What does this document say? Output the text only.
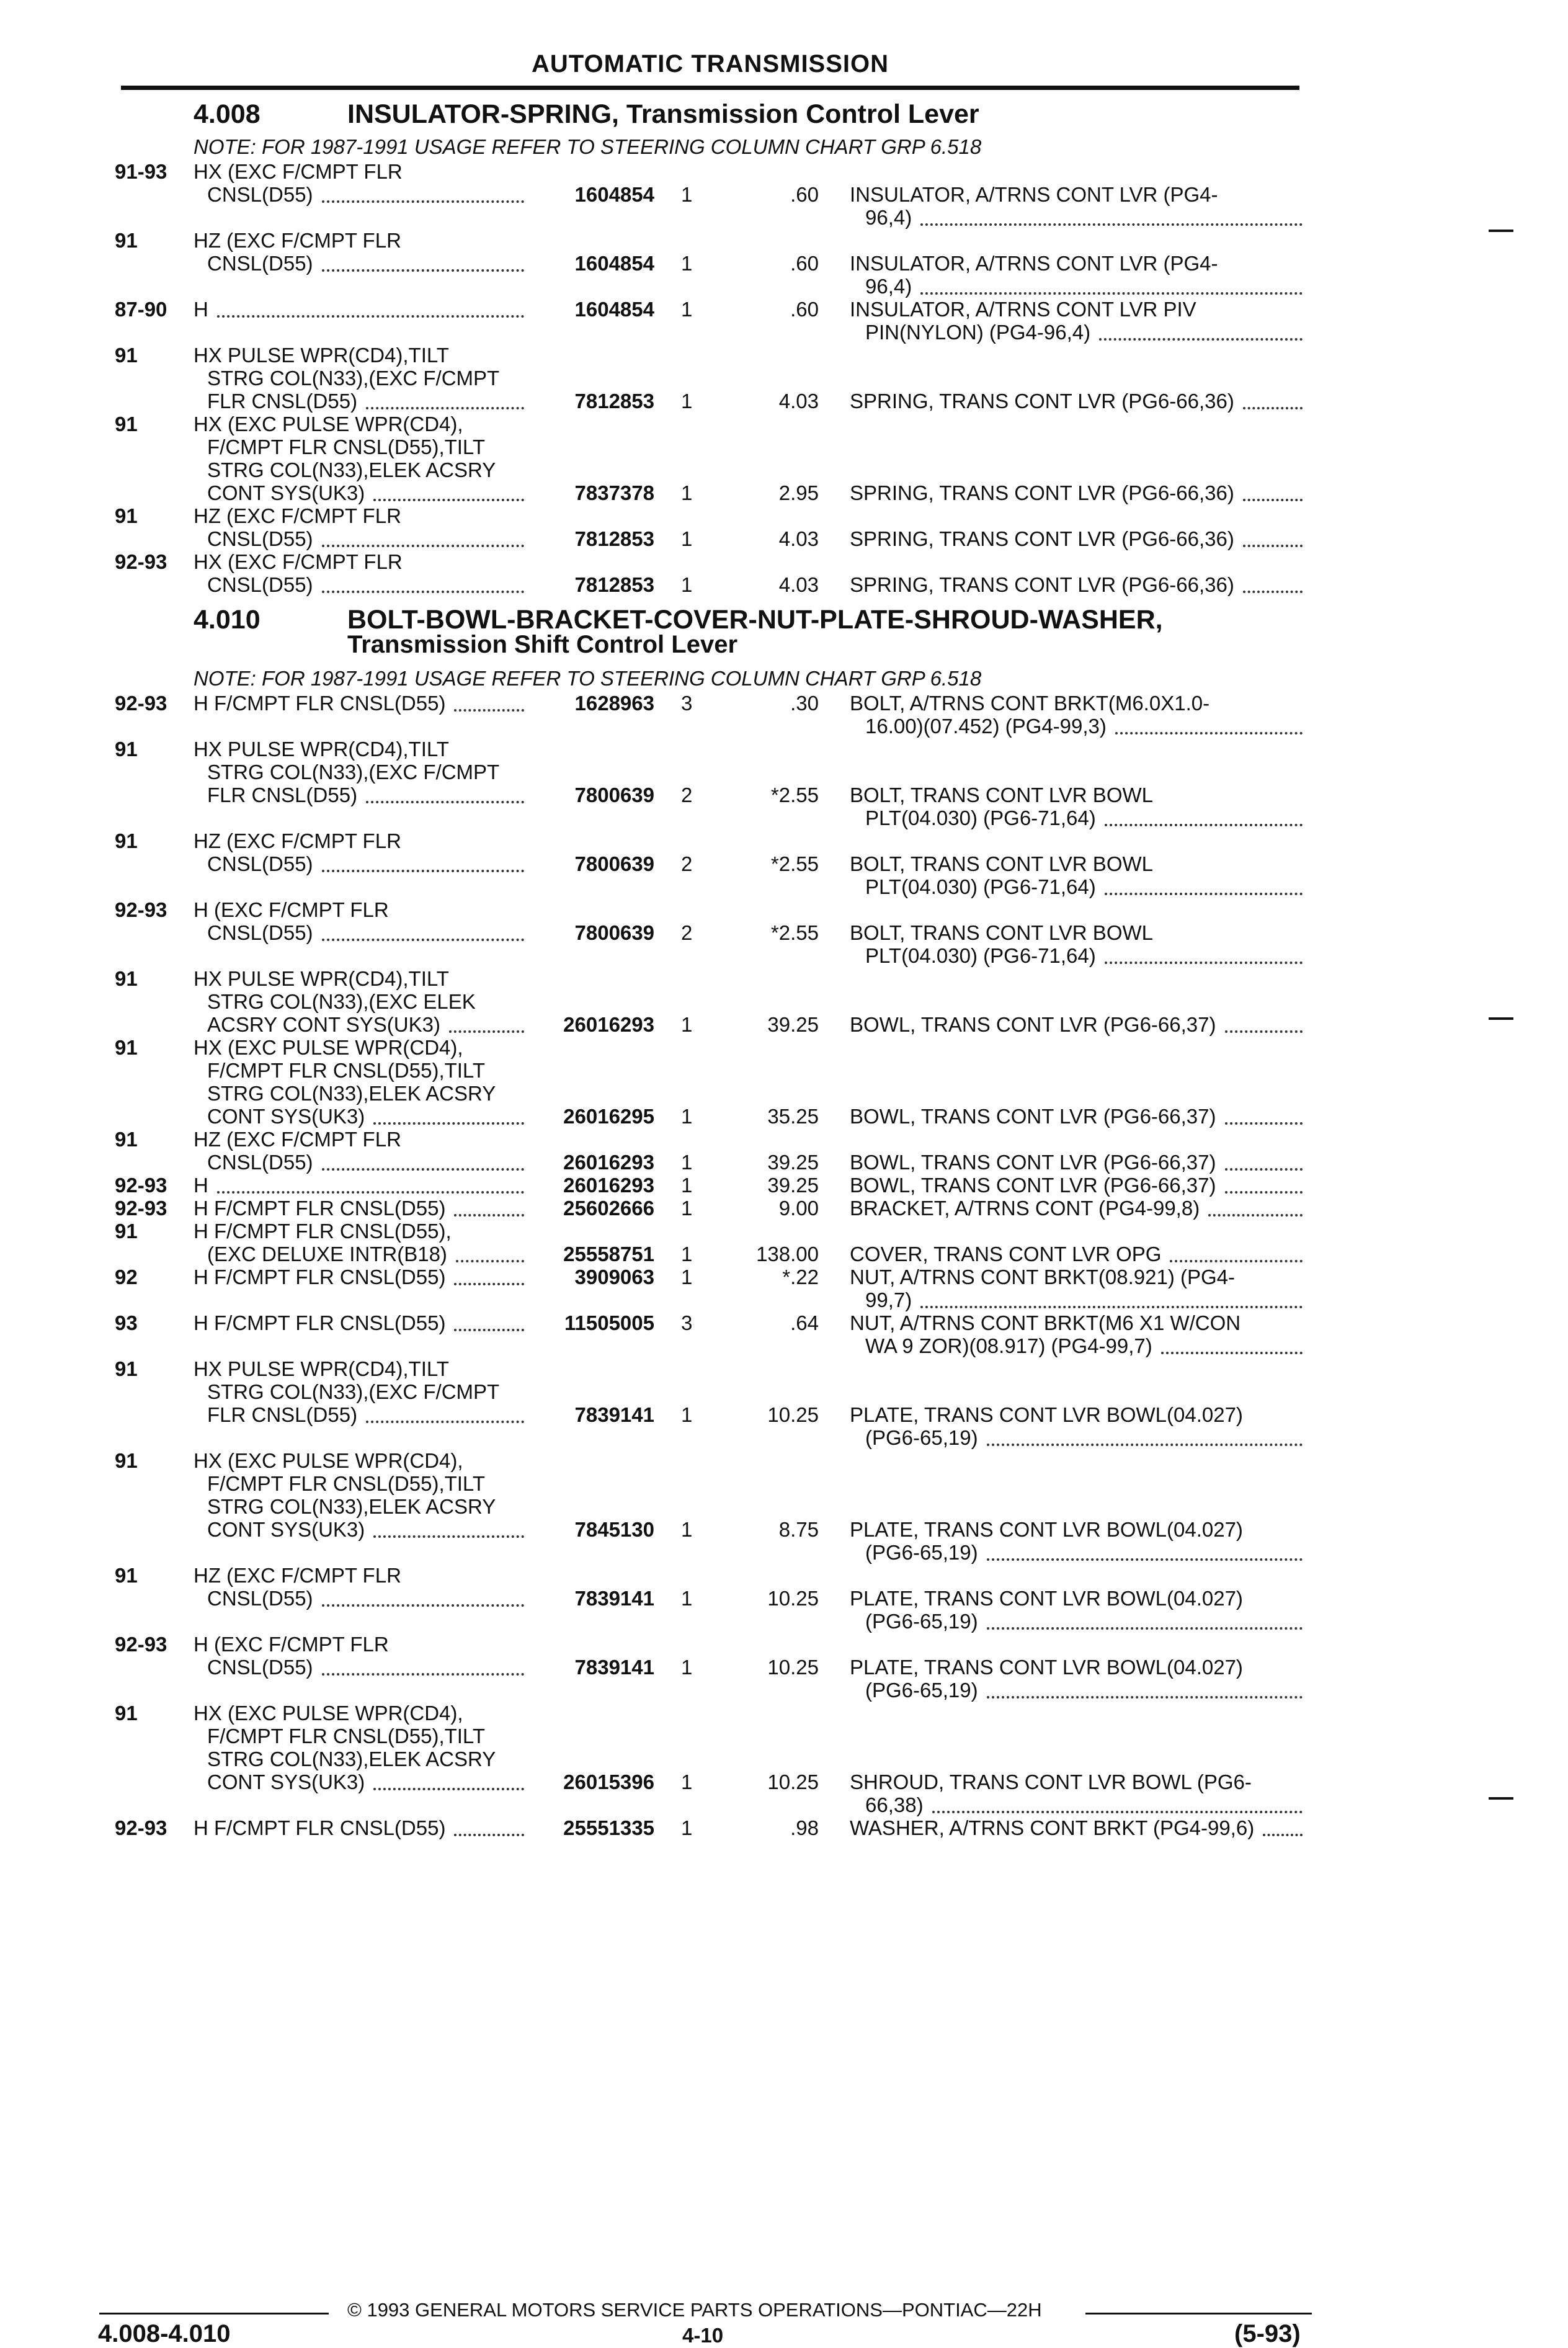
AUTOMATIC TRANSMISSION
4.008	INSULATOR-SPRING, Transmission Control Lever
NOTE: FOR 1987-1991 USAGE REFER TO STEERING COLUMN CHART GRP 6.518
91-93 HX (EXC F/CMPT FLR
CNSL(D55)	1604854 1	.60 INSULATOR, A/TRNS CONT LVR (PG4-
96,4)
91	HZ (EXC F/CMPT FLR
CNSL(D55)	1604854 1	.60 INSULATOR, A/TRNS CONT LVR (PG4-
96,4)
87-90 H	1604854 1	.60 INSULATOR, A/TRNS CONT LVR PIV
PIN(NYLON) (PG4-96,4)
91	HX PULSE WPR(CD4),TILT
STRG COL(N33),(EXC F/CMPT
FLR CNSL(D55)	7812853 1	4.03 SPRING, TRANS CONT LVR (PG6-66,36)
91	HX (EXC PULSE WPR(CD4),
F/CMPT FLR CNSL(D55),TILT
STRG COL(N33),ELEK ACSRY
CONT SYS(UK3)	7837378 1	2.95 SPRING, TRANS CONT LVR (PG6-66,36)
91	HZ (EXC F/CMPT FLR
CNSL(D55)	7812853 1	4.03 SPRING, TRANS CONT LVR (PG6-66,36)
92-93 HX (EXC F/CMPT FLR
CNSL(D55)	7812853 1	4.03 SPRING, TRANS CONT LVR (PG6-66,36)
4.010	BOLT-BOWL-BRACKET-COVER-NUT-PLATE-SHROUD-WASHER,
Transmission Shift Control Lever
NOTE: FOR 1987-1991 USAGE REFER TO STEERING COLUMN CHART GRP 6.518
92-93 H F/CMPT FLR CNSL(D55)	1628963 3	.30 BOLT, A/TRNS CONT BRKT(M6.0X1.0-
16.00)(07.452) (PG4-99,3)
91	HX PULSE WPR(CD4),TILT
STRG COL(N33),(EXC F/CMPT
FLR CNSL(D55)	7800639 2	*2.55 BOLT, TRANS CONT LVR BOWL
PLT(04.030) (PG6-71,64)
91	HZ (EXC F/CMPT FLR
CNSL(D55)	7800639 2	*2.55 BOLT, TRANS CONT LVR BOWL
PLT(04.030) (PG6-71,64)
92-93 H (EXC F/CMPT FLR
CNSL(D55)	7800639 2	*2.55 BOLT, TRANS CONT LVR BOWL
PLT(04.030) (PG6-71,64)
91	HX PULSE WPR(CD4),TILT
STRG COL(N33),(EXC ELEK
ACSRY CONT SYS(UK3)	26016293 1	39.25 BOWL, TRANS CONT LVR (PG6-66,37)
91	HX (EXC PULSE WPR(CD4),
F/CMPT FLR CNSL(D55),TILT
STRG COL(N33),ELEK ACSRY
CONT SYS(UK3)	26016295 1	35.25 BOWL, TRANS CONT LVR (PG6-66,37)
91	HZ (EXC F/CMPT FLR
CNSL(D55)	26016293 1	39.25 BOWL, TRANS CONT LVR (PG6-66,37)
92-93 H	26016293 1	39.25 BOWL, TRANS CONT LVR (PG6-66,37)
92-93 H F/CMPT FLR CNSL(D55)	25602666 1	9.00 BRACKET, A/TRNS CONT (PG4-99,8)
91	H F/CMPT FLR CNSL(D55),
(EXC DELUXE INTR(B18)	25558751 1	138.00 COVER, TRANS CONT LVR OPG
92	H F/CMPT FLR CNSL(D55)	3909063 1	*.22 NUT, A/TRNS CONT BRKT(08.921) (PG4-
99,7)
93	H F/CMPT FLR CNSL(D55)	11505005 3	.64 NUT, A/TRNS CONT BRKT(M6 X1 W/CON
WA 9 ZOR)(08.917) (PG4-99,7)
91	HX PULSE WPR(CD4),TILT
STRG COL(N33),(EXC F/CMPT
FLR CNSL(D55)	7839141 1	10.25 PLATE, TRANS CONT LVR BOWL(04.027)
(PG6-65,19)
91	HX (EXC PULSE WPR(CD4),
F/CMPT FLR CNSL(D55),TILT
STRG COL(N33),ELEK ACSRY
CONT SYS(UK3)	7845130 1	8.75 PLATE, TRANS CONT LVR BOWL(04.027)
(PG6-65,19)
91	HZ (EXC F/CMPT FLR
CNSL(D55)	7839141 1	10.25 PLATE, TRANS CONT LVR BOWL(04.027)
(PG6-65,19)
92-93 H (EXC F/CMPT FLR
CNSL(D55)	7839141 1	10.25 PLATE, TRANS CONT LVR BOWL(04.027)
(PG6-65,19)
91	HX (EXC PULSE WPR(CD4),
F/CMPT FLR CNSL(D55),TILT
STRG COL(N33),ELEK ACSRY
CONT SYS(UK3)	26015396 1	10.25 SHROUD, TRANS CONT LVR BOWL (PG6-
66,38)
92-93 H F/CMPT FLR CNSL(D55)	25551335 1	.98 WASHER, A/TRNS CONT BRKT (PG4-99,6)
© 1993 GENERAL MOTORS SERVICE PARTS OPERATIONS—PONTIAC—22H
4.008-4.010	4-10	(5-93)
